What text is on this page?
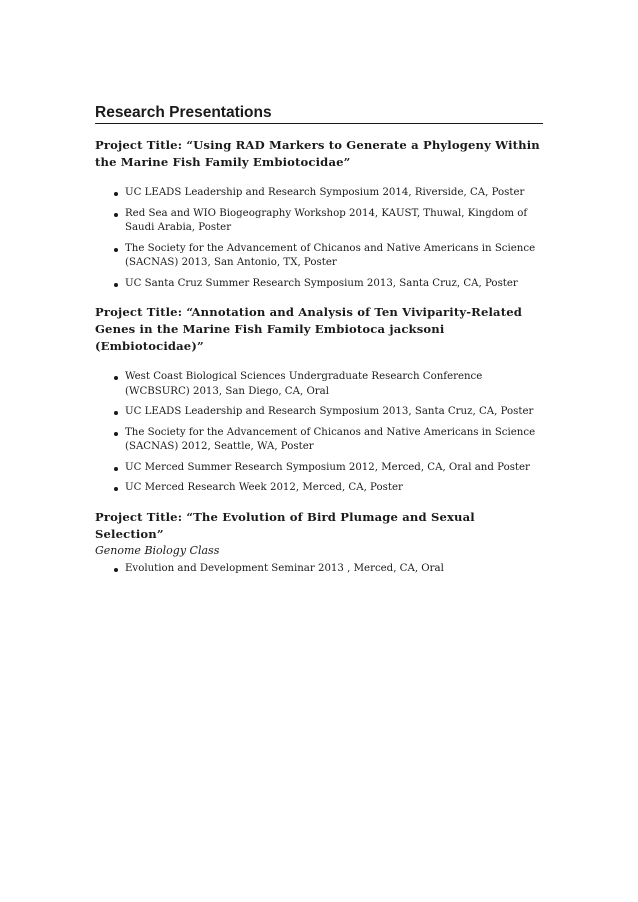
Research Presentations

Project Title: “Using RAD Markers to Generate a Phylogeny Within the Marine Fish Family Embiotocidae”

UC LEADS Leadership and Research Symposium 2014, Riverside, CA, Poster
Red Sea and WIO Biogeography Workshop 2014, KAUST, Thuwal, Kingdom of Saudi Arabia, Poster
The Society for the Advancement of Chicanos and Native Americans in Science (SACNAS) 2013, San Antonio, TX, Poster
UC Santa Cruz Summer Research Symposium 2013, Santa Cruz, CA, Poster

Project Title: “Annotation and Analysis of Ten Viviparity-Related Genes in the Marine Fish Family Embiotoca jacksoni (Embiotocidae)”

West Coast Biological Sciences Undergraduate Research Conference (WCBSURC) 2013, San Diego, CA, Oral
UC LEADS Leadership and Research Symposium 2013, Santa Cruz, CA, Poster
The Society for the Advancement of Chicanos and Native Americans in Science (SACNAS) 2012, Seattle, WA, Poster
UC Merced Summer Research Symposium 2012, Merced, CA, Oral and Poster
UC Merced Research Week 2012, Merced, CA, Poster

Project Title: “The Evolution of Bird Plumage and Sexual Selection”

Genome Biology Class

Evolution and Development Seminar 2013 , Merced, CA, Oral
